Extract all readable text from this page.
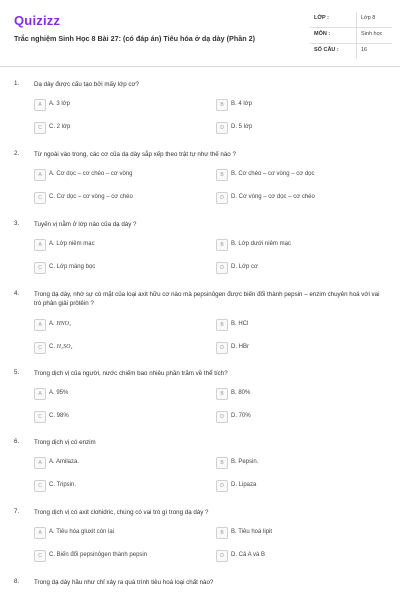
Quizizz
Trắc nghiệm Sinh Học 8 Bài 27: (có đáp án) Tiêu hóa ở dạ dày (Phần 2)
LỚP :	Lớp 8
MÔN :	Sinh học
SỐ CÂU :	16
1. Dạ dày được cấu tạo bởi mấy lớp cơ?
A	A. 3 lớp	B	B. 4 lớp
C	C. 2 lớp	D	D. 5 lớp
2. Từ ngoài vào trong, các cơ của dạ dày sắp xếp theo trật tự như thế nào ?
A	A. Cơ dọc – cơ chéo – cơ vòng	B	B. Cơ chéo – cơ vòng – cơ dọc
C	C. Cơ dọc – cơ vòng – cơ chéo	D	D. Cơ vòng – cơ dọc – cơ chéo
3. Tuyến vị nằm ở lớp nào của dạ dày ?
A	A. Lớp niêm mạc	B	B. Lớp dưới niêm mạc
C	C. Lớp màng bọc	D	D. Lớp cơ
4. Trong dạ dày, nhờ sự có mặt của loại axit hữu cơ nào mà pepsinôgen được biến đổi thành pepsin – enzim chuyên hoá với vai trò phân giải prôtêin ?
A	A. HNO₃	B	B. HCl
C	C. H₂SO₄	D	D. HBr
5. Trong dịch vị của người, nước chiếm bao nhiêu phần trăm về thể tích?
A	A. 95%	B	B. 80%
C	C. 98%	D	D. 70%
6. Trong dịch vị có enzim
A	A. Amilaza.	B	B. Pepsin.
C	C. Tripsin.	D	D. Lipaza
7. Trong dịch vị có axit clohidric, chúng có vai trò gì trong dạ dày ?
A	A. Tiêu hóa gluxit còn lại	B	B. Tiêu hoá lipit
C	C. Biến đổi pepsinôgen thành pepsin	D	D. Cả A và B
8. Trong dạ dày hầu như chỉ xảy ra quá trình tiêu hoá loại chất nào?
